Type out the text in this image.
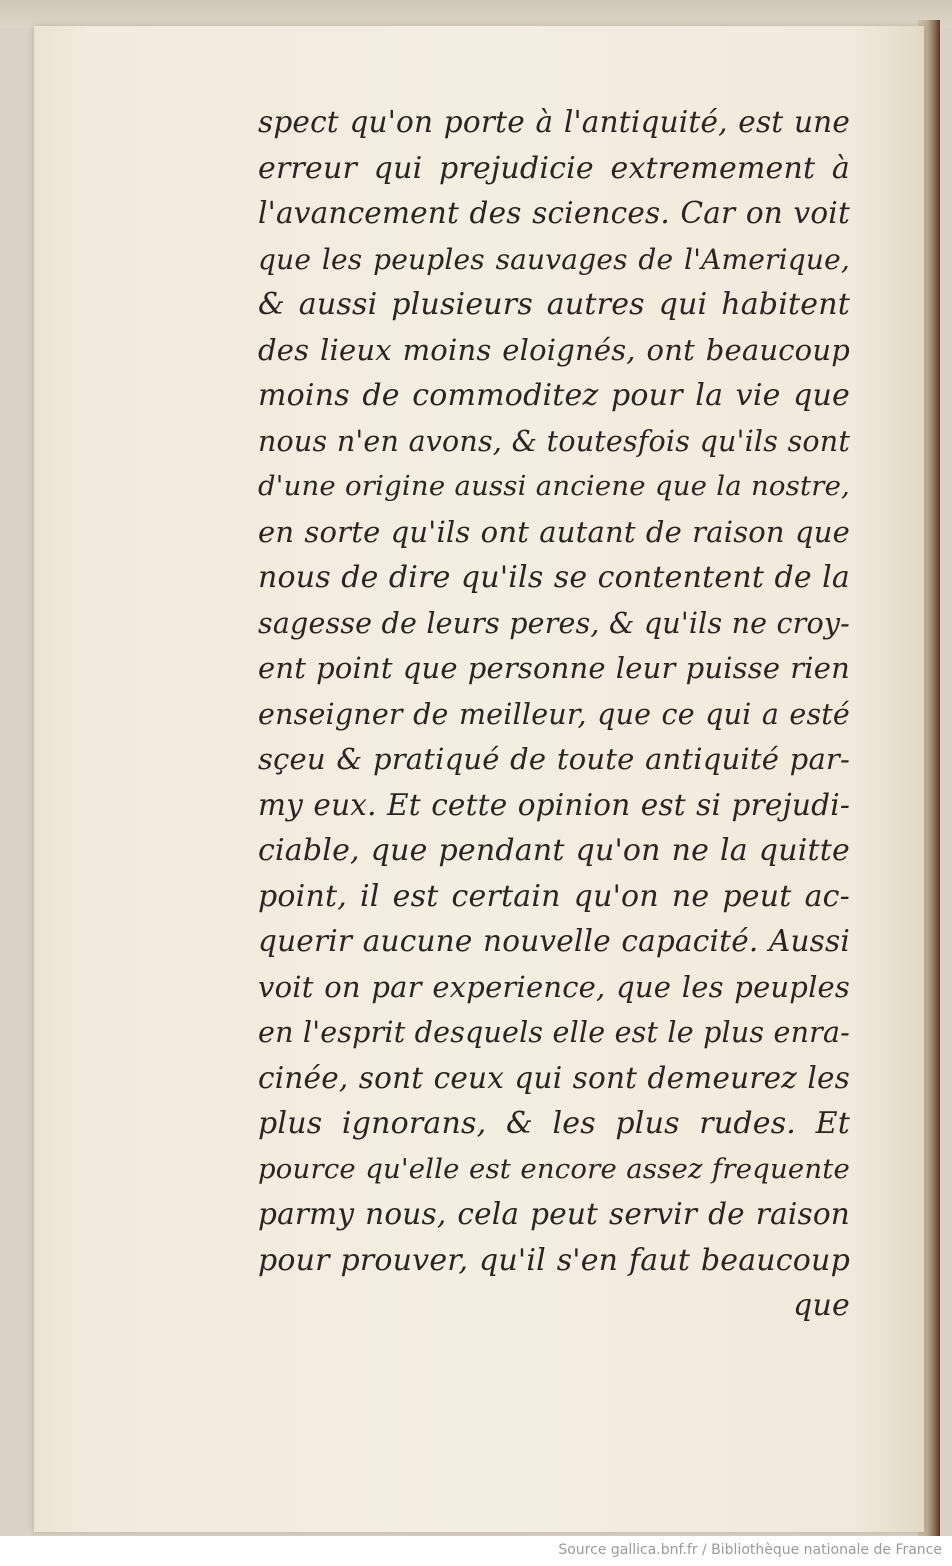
spect qu'on porte à l'antiquité, est une
erreur qui prejudicie extremement à
l'avancement des sciences. Car on voit
que les peuples sauvages de l'Amerique,
& aussi plusieurs autres qui habitent
des lieux moins eloignés, ont beaucoup
moins de commoditez pour la vie que
nous n'en avons, & toutesfois qu'ils sont
d'une origine aussi anciene que la nostre,
en sorte qu'ils ont autant de raison que
nous de dire qu'ils se contentent de la
sagesse de leurs peres, & qu'ils ne croy-
ent point que personne leur puisse rien
enseigner de meilleur, que ce qui a esté
sçeu & pratiqué de toute antiquité par-
my eux. Et cette opinion est si prejudi-
ciable, que pendant qu'on ne la quitte
point, il est certain qu'on ne peut ac-
querir aucune nouvelle capacité. Aussi
voit on par experience, que les peuples
en l'esprit desquels elle est le plus enra-
cinée, sont ceux qui sont demeurez les
plus ignorans, & les plus rudes. Et
pource qu'elle est encore assez frequente
parmy nous, cela peut servir de raison
pour prouver, qu'il s'en faut beaucoup
que
Source gallica.bnf.fr / Bibliothèque nationale de France
